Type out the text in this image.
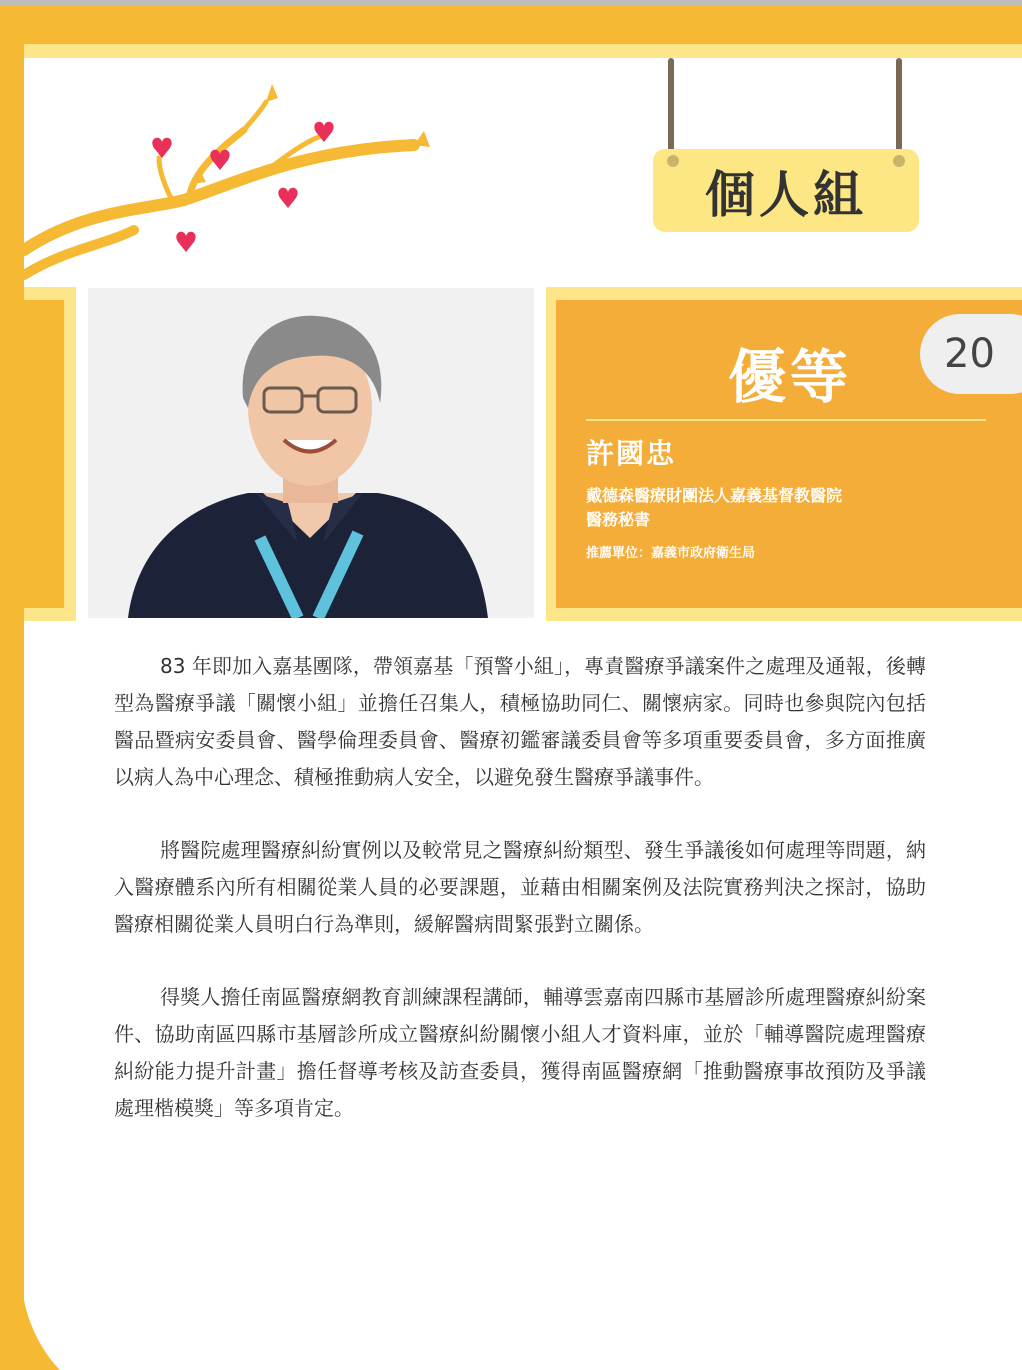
個人組
20
優等
許國忠
戴德森醫療財團法人嘉義基督教醫院
醫務秘書
推薦單位：嘉義市政府衛生局

83 年即加入嘉基團隊，帶領嘉基「預警小組」，專責醫療爭議案件之處理及通報，後轉型為醫療爭議「關懷小組」並擔任召集人，積極協助同仁、關懷病家。同時也參與院內包括醫品暨病安委員會、醫學倫理委員會、醫療初鑑審議委員會等多項重要委員會，多方面推廣以病人為中心理念、積極推動病人安全，以避免發生醫療爭議事件。

將醫院處理醫療糾紛實例以及較常見之醫療糾紛類型、發生爭議後如何處理等問題，納入醫療體系內所有相關從業人員的必要課題，並藉由相關案例及法院實務判決之探討，協助醫療相關從業人員明白行為準則，緩解醫病間緊張對立關係。

得獎人擔任南區醫療網教育訓練課程講師，輔導雲嘉南四縣市基層診所處理醫療糾紛案件、協助南區四縣市基層診所成立醫療糾紛關懷小組人才資料庫，並於「輔導醫院處理醫療糾紛能力提升計畫」擔任督導考核及訪查委員，獲得南區醫療網「推動醫療事故預防及爭議處理楷模獎」等多項肯定。
